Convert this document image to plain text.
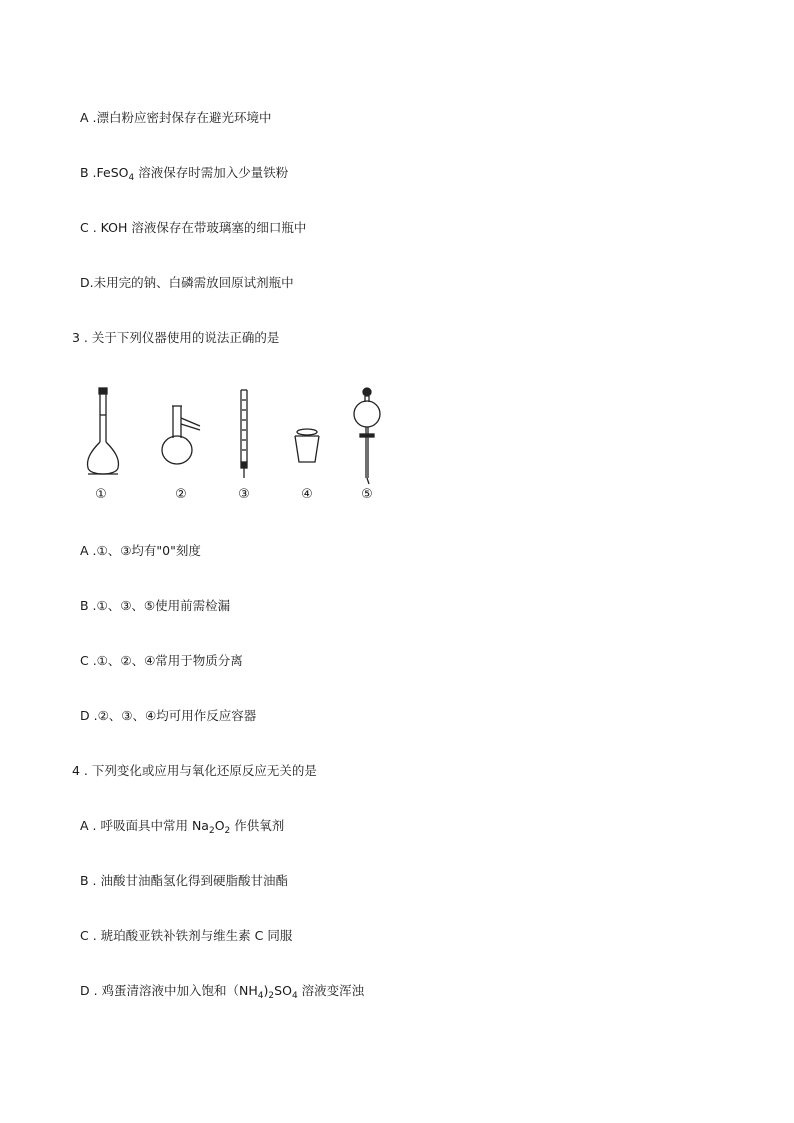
A .漂白粉应密封保存在避光环境中
B .FeSO$_4$ 溶液保存时需加入少量铁粉
C . KOH 溶液保存在带玻璃塞的细口瓶中
D.未用完的钠、白磷需放回原试剂瓶中
3 . 关于下列仪器使用的说法正确的是
①	②	③	④	⑤
A .①、③均有"0"刻度
B .①、③、⑤使用前需检漏
C .①、②、④常用于物质分离
D .②、③、④均可用作反应容器
4 . 下列变化或应用与氧化还原反应无关的是
A . 呼吸面具中常用 $Na_2O_2$ 作供氧剂
B . 油酸甘油酯氢化得到硬脂酸甘油酯
C . 琥珀酸亚铁补铁剂与维生素 C 同服
D . 鸡蛋清溶液中加入饱和$(NH_4)_2SO_4$ 溶液变浑浊
